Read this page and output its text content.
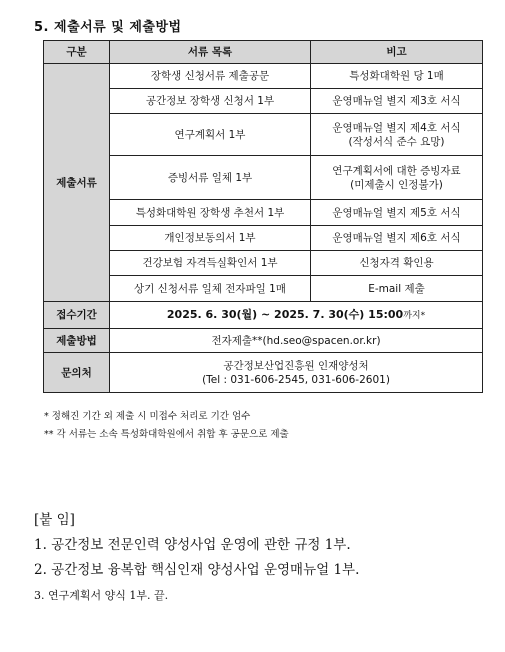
5. 제출서류 및 제출방법
구분	서류 목록	비고
제출서류	장학생 신청서류 제출공문	특성화대학원 당 1매
	공간정보 장학생 신청서 1부	운영매뉴얼 별지 제3호 서식
	연구계획서 1부	운영매뉴얼 별지 제4호 서식
(작성서식 준수 요망)

	증빙서류 일체 1부	연구계획서에 대한 증빙자료
(미제출시 인정불가)

	특성화대학원 장학생 추천서 1부	운영매뉴얼 별지 제5호 서식
	개인정보동의서 1부	운영매뉴얼 별지 제6호 서식
	건강보험 자격득실확인서 1부	신청자격 확인용
	상기 신청서류 일체 전자파일 1매	E-mail 제출
접수기간	2025. 6. 30(월) ~ 2025. 7. 30(수) 15:00까지*	
제출방법	전자제출**(hd.seo@spacen.or.kr)	
문의처	공간정보산업진흥원 인재양성처
(Tel : 031-606-2545, 031-606-2601)	
* 정해진 기간 외 제출 시 미접수 처리로 기간 엄수
** 각 서류는 소속 특성화대학원에서 취합 후 공문으로 제출
[붙 임]
1. 공간정보 전문인력 양성사업 운영에 관한 규정 1부.
2. 공간정보 융복합 핵심인재 양성사업 운영매뉴얼 1부.
3. 연구계획서 양식 1부. 끝.
